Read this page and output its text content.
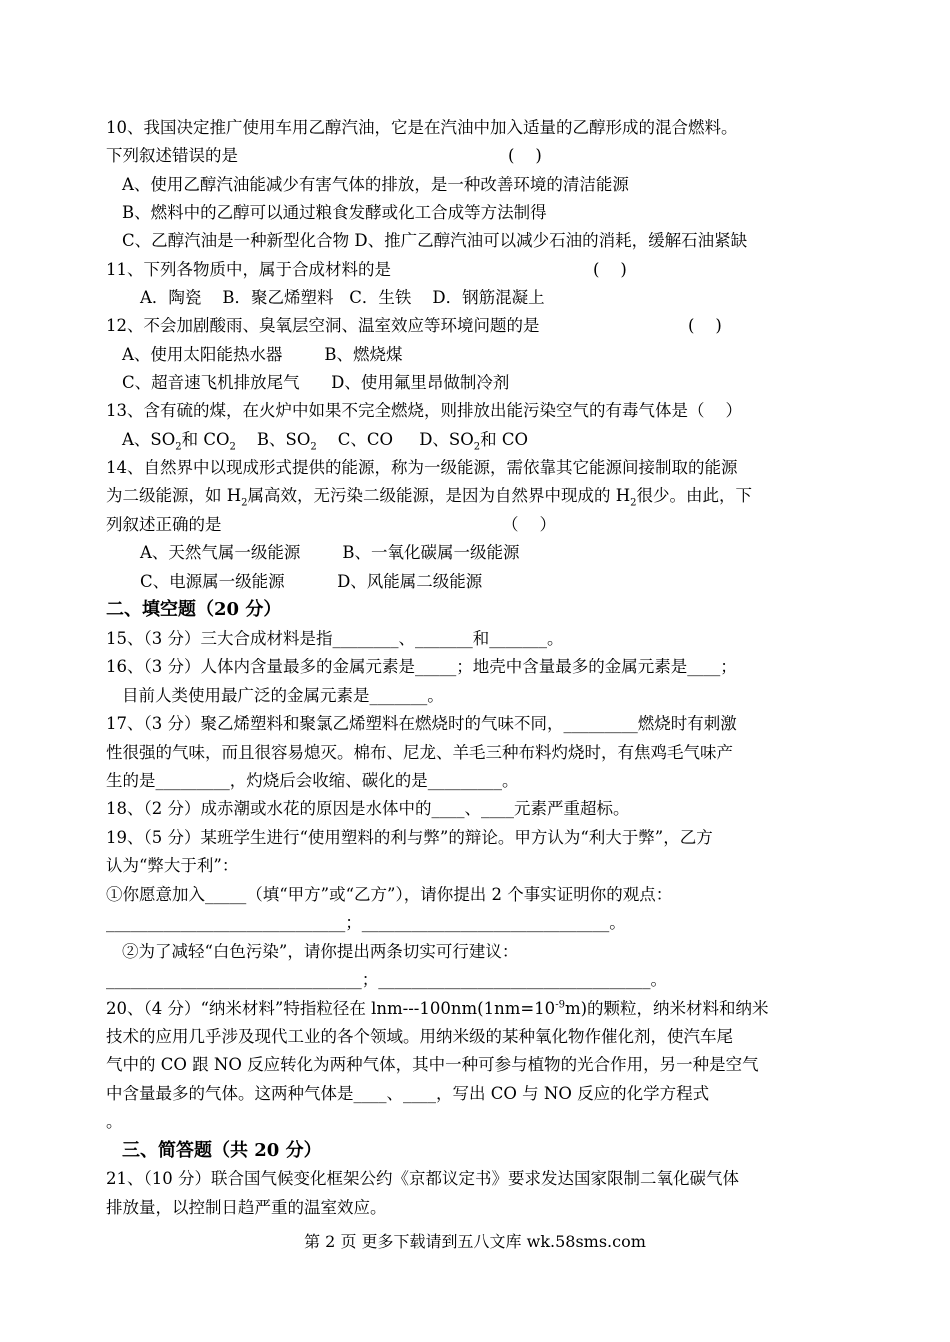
10、我国决定推广使用车用乙醇汽油，它是在汽油中加入适量的乙醇形成的混合燃料。
下列叙述错误的是	(    )
A、使用乙醇汽油能减少有害气体的排放，是一种改善环境的清洁能源
B、燃料中的乙醇可以通过粮食发酵或化工合成等方法制得
C、乙醇汽油是一种新型化合物 D、推广乙醇汽油可以减少石油的消耗，缓解石油紧缺
11、下列各物质中，属于合成材料的是	(    )
A．陶瓷    B．聚乙烯塑料   C．生铁    D．钢筋混凝上
12、不会加剧酸雨、臭氧层空洞、温室效应等环境问题的是	(    )
A、使用太阳能热水器        B、燃烧煤
C、超音速飞机排放尾气      D、使用氟里昂做制冷剂
13、含有硫的煤，在火炉中如果不完全燃烧，则排放出能污染空气的有毒气体是（    ）
A、$SO_2$和 $CO_2$    B、$SO_2$    C、CO     D、$SO_2$和 CO
14、自然界中以现成形式提供的能源，称为一级能源，需依靠其它能源间接制取的能源
为二级能源，如 $H_2$属高效，无污染二级能源，是因为自然界中现成的 $H_2$很少。由此，下
列叙述正确的是	（    ）
A、天然气属一级能源        B、一氧化碳属一级能源
C、电源属一级能源          D、风能属二级能源
二、填空题（20 分）
15、（3 分）三大合成材料是指________、_______和_______。
16、（3 分）人体内含量最多的金属元素是_____；地壳中含量最多的金属元素是____；
目前人类使用最广泛的金属元素是_______。
17、（3 分）聚乙烯塑料和聚氯乙烯塑料在燃烧时的气味不同，_________燃烧时有刺激
性很强的气味，而且很容易熄灭。棉布、尼龙、羊毛三种布料灼烧时，有焦鸡毛气味产
生的是_________，灼烧后会收缩、碳化的是_________。
18、（2 分）成赤潮或水花的原因是水体中的____、____元素严重超标。
19、（5 分）某班学生进行“使用塑料的利与弊”的辩论。甲方认为“利大于弊”，乙方
认为“弊大于利”：
①你愿意加入_____（填“甲方”或“乙方”），请你提出 2 个事实证明你的观点：
_____________________________；______________________________。
②为了减轻“白色污染”，请你提出两条切实可行建议：
_______________________________；_________________________________。
20、（4 分）“纳米材料”特指粒径在 lnm-$--100nm(1nm=10^{-9}m)$的颗粒，纳米材料和纳米
技术的应用几乎涉及现代工业的各个领域。用纳米级的某种氧化物作催化剂，使汽车尾
气中的 CO 跟 NO 反应转化为两种气体，其中一种可参与植物的光合作用，另一种是空气
中含量最多的气体。这两种气体是____、____，写出 CO 与 NO 反应的化学方程式
。
三、简答题（共 20 分）
21、（10 分）联合国气候变化框架公约《京都议定书》要求发达国家限制二氧化碳气体
排放量，以控制日趋严重的温室效应。
第 2 页 更多下载请到五八文库 wk.58sms.com
